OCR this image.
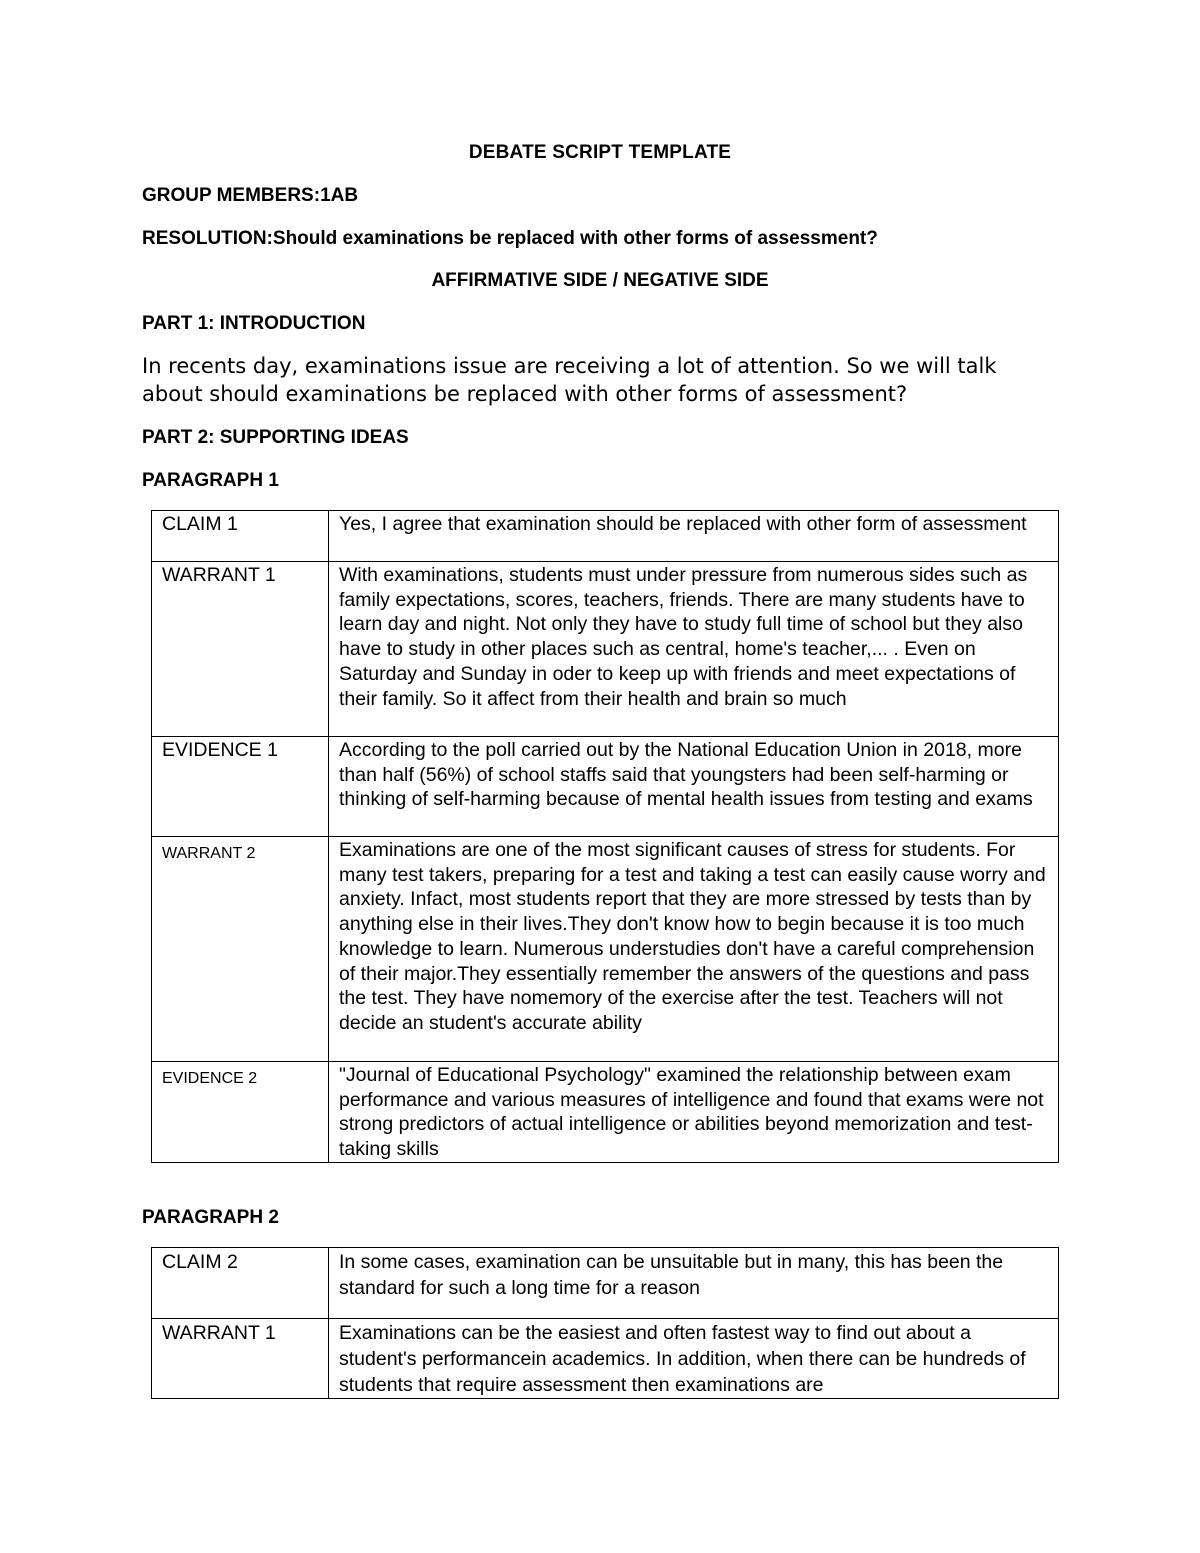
DEBATE SCRIPT TEMPLATE
GROUP MEMBERS:1AB
RESOLUTION:Should examinations be replaced with other forms of assessment?
AFFIRMATIVE SIDE / NEGATIVE SIDE
PART 1: INTRODUCTION
In recents day, examinations issue are receiving a lot of attention. So we will talk about should examinations be replaced with other forms of assessment?
PART 2: SUPPORTING IDEAS
PARAGRAPH 1
CLAIM 1	Yes, I agree that examination should be replaced with other form of assessment
WARRANT 1	With examinations, students must under pressure from numerous sides such as family expectations, scores, teachers, friends. There are many students have to learn day and night. Not only they have to study full time of school but they also have to study in other places such as central, home's teacher,... . Even on Saturday and Sunday in oder to keep up with friends and meet expectations of their family. So it affect from their health and brain so much
EVIDENCE 1	According to the poll carried out by the National Education Union in 2018, more than half (56%) of school staffs said that youngsters had been self-harming or thinking of self-harming because of mental health issues from testing and exams
WARRANT 2	Examinations are one of the most significant causes of stress for students. For many test takers, preparing for a test and taking a test can easily cause worry and anxiety. Infact, most students report that they are more stressed by tests than by anything else in their lives.They don't know how to begin because it is too much knowledge to learn. Numerous understudies don't have a careful comprehension of their major.They essentially remember the answers of the questions and pass the test. They have nomemory of the exercise after the test. Teachers will not decide an student's accurate ability
EVIDENCE 2	"Journal of Educational Psychology" examined the relationship between exam performance and various measures of intelligence and found that exams were not strong predictors of actual intelligence or abilities beyond memorization and test-taking skills
PARAGRAPH 2
CLAIM 2	In some cases, examination can be unsuitable but in many, this has been the standard for such a long time for a reason
WARRANT 1	Examinations can be the easiest and often fastest way to find out about a student's performancein academics. In addition, when there can be hundreds of students that require assessment then examinations are
